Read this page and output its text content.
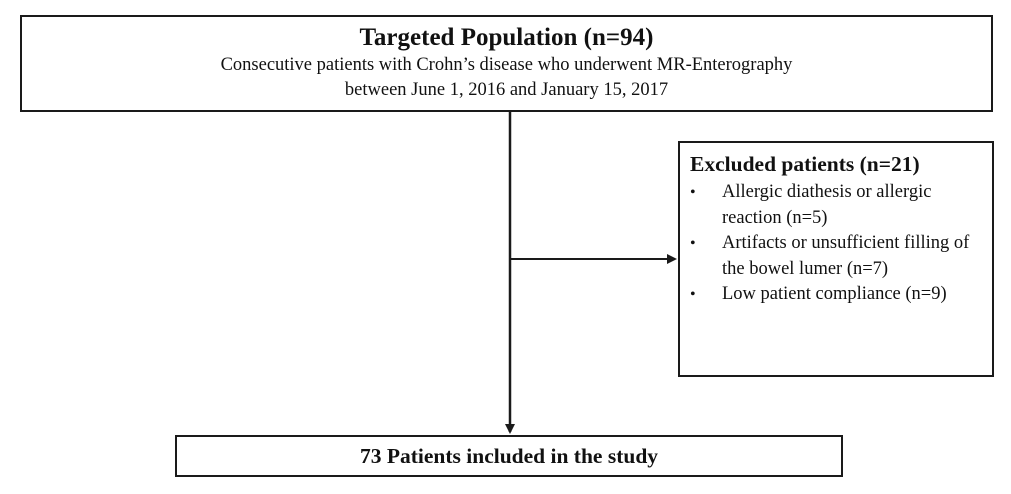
Targeted Population (n=94)
Consecutive patients with Crohn’s disease who underwent MR-Enterography
between June 1, 2016 and January 15, 2017
Excluded patients (n=21)
• Allergic diathesis or allergic reaction (n=5)
• Artifacts or unsufficient filling of the bowel lumer (n=7)
• Low patient compliance (n=9)
73 Patients included in the study
